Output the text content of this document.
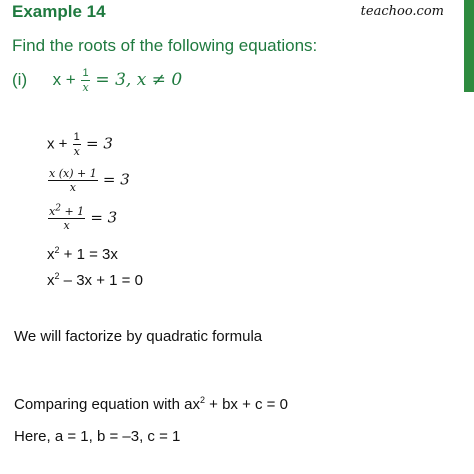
Example 14	teachoo.com
Find the roots of the following equations:
(i) $x + \frac{1}{x} = 3$, x ≠ 0
$x + \frac{1}{x} = 3$
$\frac{x (x) + 1}{x} = 3$
$\frac{x^2 + 1}{x} = 3$
$x^2 + 1 = 3x$
$x^2 - 3x + 1 = 0$
We will factorize by quadratic formula
Comparing equation with $ax^2$ + bx + c = 0
Here, a = 1, b = –3, c = 1
